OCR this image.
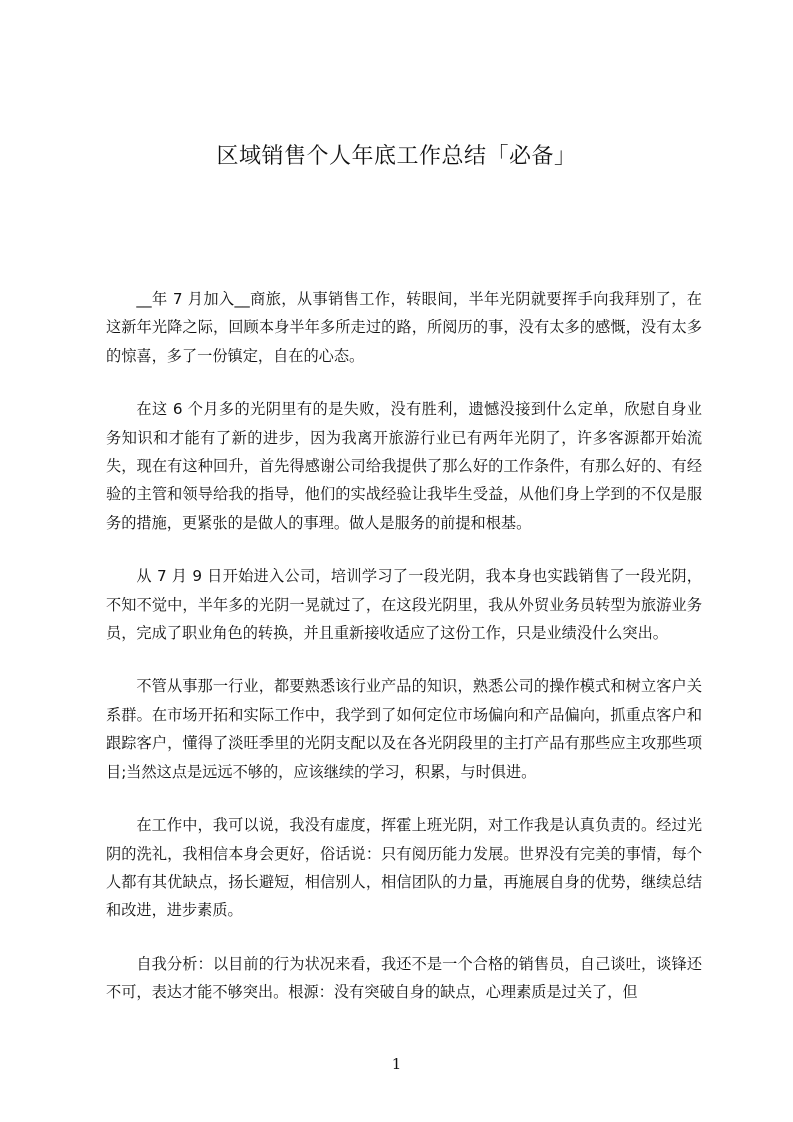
区域销售个人年底工作总结「必备」

__年 7 月加入__商旅，从事销售工作，转眼间，半年光阴就要挥手向我拜别了，在这新年光降之际，回顾本身半年多所走过的路，所阅历的事，没有太多的感慨，没有太多的惊喜，多了一份镇定，自在的心态。

在这 6 个月多的光阴里有的是失败，没有胜利，遗憾没接到什么定单，欣慰自身业务知识和才能有了新的进步，因为我离开旅游行业已有两年光阴了，许多客源都开始流失，现在有这种回升，首先得感谢公司给我提供了那么好的工作条件，有那么好的、有经验的主管和领导给我的指导，他们的实战经验让我毕生受益，从他们身上学到的不仅是服务的措施，更紧张的是做人的事理。做人是服务的前提和根基。

从 7 月 9 日开始进入公司，培训学习了一段光阴，我本身也实践销售了一段光阴，不知不觉中，半年多的光阴一晃就过了，在这段光阴里，我从外贸业务员转型为旅游业务员，完成了职业角色的转换，并且重新接收适应了这份工作，只是业绩没什么突出。

不管从事那一行业，都要熟悉该行业产品的知识，熟悉公司的操作模式和树立客户关系群。在市场开拓和实际工作中，我学到了如何定位市场偏向和产品偏向，抓重点客户和跟踪客户，懂得了淡旺季里的光阴支配以及在各光阴段里的主打产品有那些应主攻那些项目;当然这点是远远不够的，应该继续的学习，积累，与时俱进。

在工作中，我可以说，我没有虚度，挥霍上班光阴，对工作我是认真负责的。经过光阴的洗礼，我相信本身会更好，俗话说：只有阅历能力发展。世界没有完美的事情，每个人都有其优缺点，扬长避短，相信别人，相信团队的力量，再施展自身的优势，继续总结和改进，进步素质。

自我分析：以目前的行为状况来看，我还不是一个合格的销售员，自己谈吐，谈锋还不可，表达才能不够突出。根源：没有突破自身的缺点，心理素质是过关了，但

1
